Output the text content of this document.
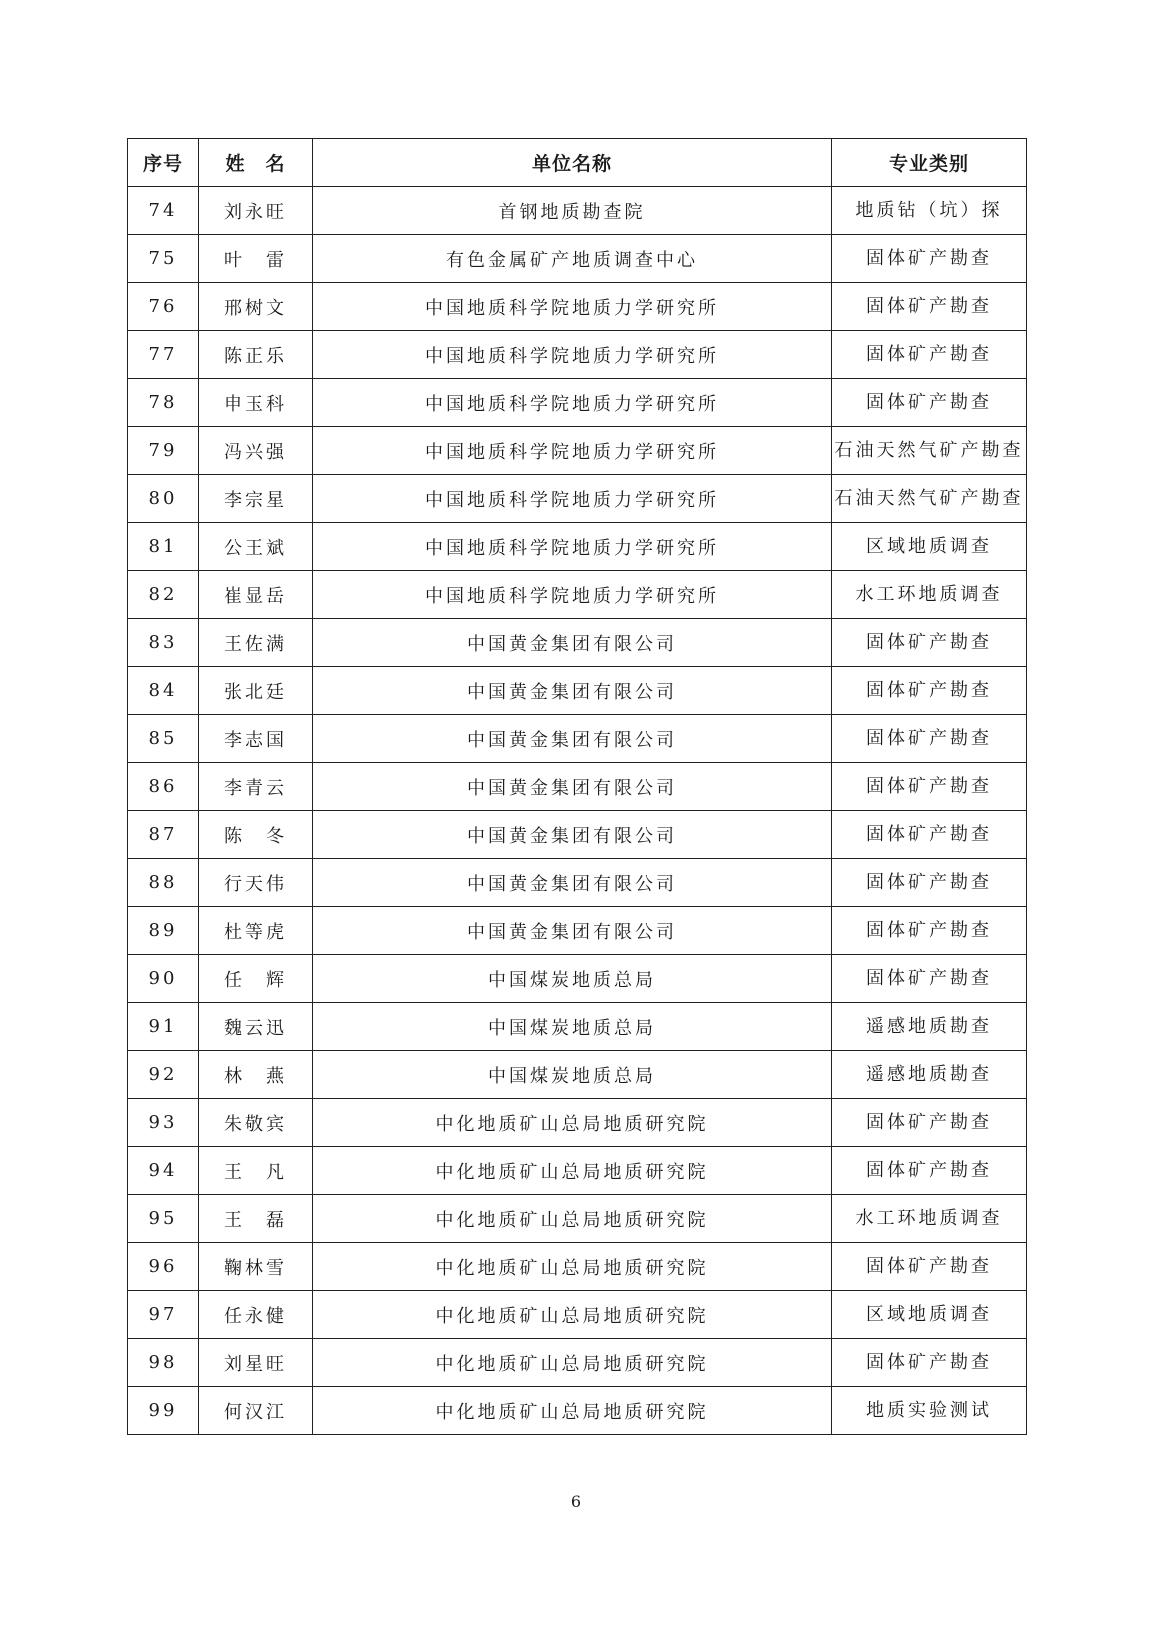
序号	姓　名	单位名称	专业类别
74	刘永旺	首钢地质勘查院	地质钻（坑）探
75	叶　雷	有色金属矿产地质调查中心	固体矿产勘查
76	邢树文	中国地质科学院地质力学研究所	固体矿产勘查
77	陈正乐	中国地质科学院地质力学研究所	固体矿产勘查
78	申玉科	中国地质科学院地质力学研究所	固体矿产勘查
79	冯兴强	中国地质科学院地质力学研究所	石油天然气矿产勘查
80	李宗星	中国地质科学院地质力学研究所	石油天然气矿产勘查
81	公王斌	中国地质科学院地质力学研究所	区域地质调查
82	崔显岳	中国地质科学院地质力学研究所	水工环地质调查
83	王佐满	中国黄金集团有限公司	固体矿产勘查
84	张北廷	中国黄金集团有限公司	固体矿产勘查
85	李志国	中国黄金集团有限公司	固体矿产勘查
86	李青云	中国黄金集团有限公司	固体矿产勘查
87	陈　冬	中国黄金集团有限公司	固体矿产勘查
88	行天伟	中国黄金集团有限公司	固体矿产勘查
89	杜等虎	中国黄金集团有限公司	固体矿产勘查
90	任　辉	中国煤炭地质总局	固体矿产勘查
91	魏云迅	中国煤炭地质总局	遥感地质勘查
92	林　燕	中国煤炭地质总局	遥感地质勘查
93	朱敬宾	中化地质矿山总局地质研究院	固体矿产勘查
94	王　凡	中化地质矿山总局地质研究院	固体矿产勘查
95	王　磊	中化地质矿山总局地质研究院	水工环地质调查
96	鞠林雪	中化地质矿山总局地质研究院	固体矿产勘查
97	任永健	中化地质矿山总局地质研究院	区域地质调查
98	刘星旺	中化地质矿山总局地质研究院	固体矿产勘查
99	何汉江	中化地质矿山总局地质研究院	地质实验测试
6
